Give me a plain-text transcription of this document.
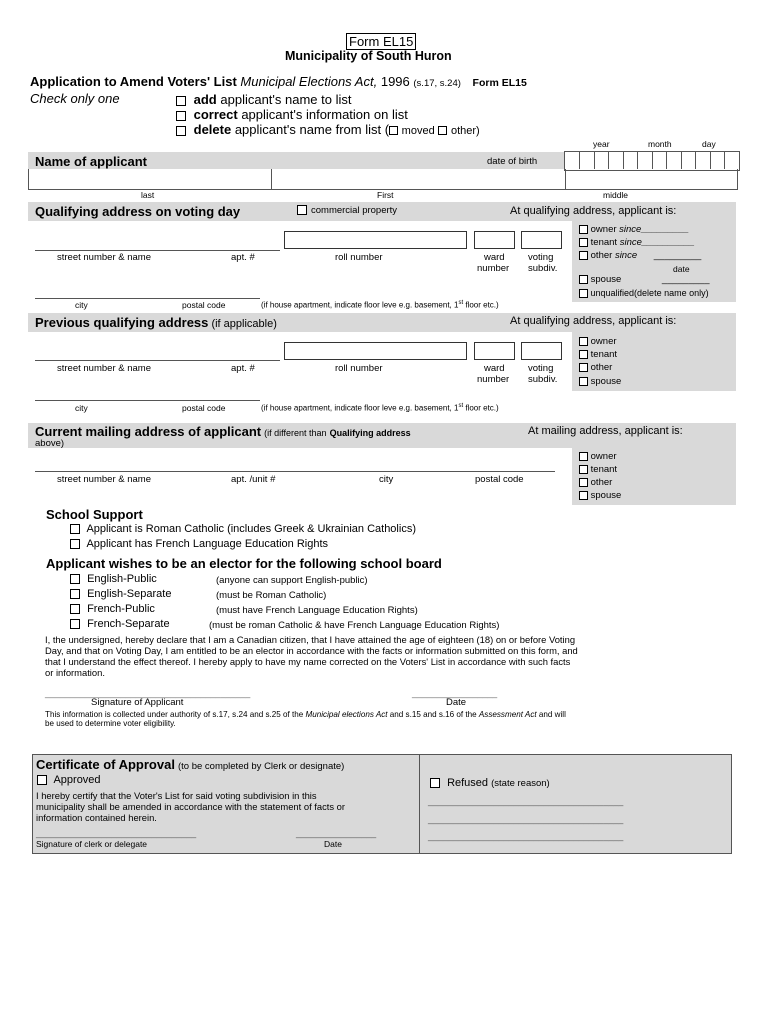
Form EL15
Municipality of South Huron
Application to Amend Voters' List Municipal Elections Act, 1996 (s.17, s.24) Form EL15
Check only one	add applicant's name to list
correct applicant's information on list
delete applicant's name from list ( moved other)
year	month	day
Name of applicant	date of birth
last	First	middle
Qualifying address on voting day	commercial property	At qualifying address, applicant is:
owner since_________
tenant since__________
other since _________
date
spouse	_________
unqualified(delete name only)
street number & name	apt. #	roll number	ward
number
voting
subdiv.
city	postal code	(if house apartment, indicate floor leve e.g. basement, 1st floor etc.)
Previous qualifying address (if applicable)	At qualifying address, applicant is:
owner
tenant
other
spouse
street number & name	apt. #	roll number	ward
number
voting
subdiv.
city	postal code	(if house apartment, indicate floor leve e.g. basement, 1st floor etc.)
Current mailing address of applicant (if different than Qualifying address
above)
At mailing address, applicant is:
owner
tenant
other
spouse
street number & name	apt. /unit #	city	postal code
School Support
Applicant is Roman Catholic (includes Greek & Ukrainian Catholics)
Applicant has French Language Education Rights
Applicant wishes to be an elector for the following school board
English-Public	(anyone can support English-public)
English-Separate	(must be Roman Catholic)
French-Public	(must have French Language Education Rights)
French-Separate	(must be roman Catholic & have French Language Education Rights)
I, the undersigned, hereby declare that I am a Canadian citizen, that I have attained the age of eighteen (18) on or before Voting
Day, and that on Voting Day, I am entitled to be an elector in accordance with the facts or information submitted on this form, and
that I understand the effect thereof. I hereby apply to have my name corrected on the Voters' List in accordance with such facts
or information.
_________________________________________	_________________
Signature of Applicant	Date
This information is collected under authority of s.17, s.24 and s.25 of the Municipal elections Act and s.15 and s.16 of the Assessment Act and will
be used to determine voter eligibility.
Certificate of Approval (to be completed by Clerk or designate)
Approved
I hereby certify that the Voter's List for said voting subdivision in this
municipality shall be amended in accordance with the statement of facts or
information contained herein.
________________________________	________________
Signature of clerk or delegate	Date
Refused (state reason)
_______________________________________
_______________________________________
_______________________________________
